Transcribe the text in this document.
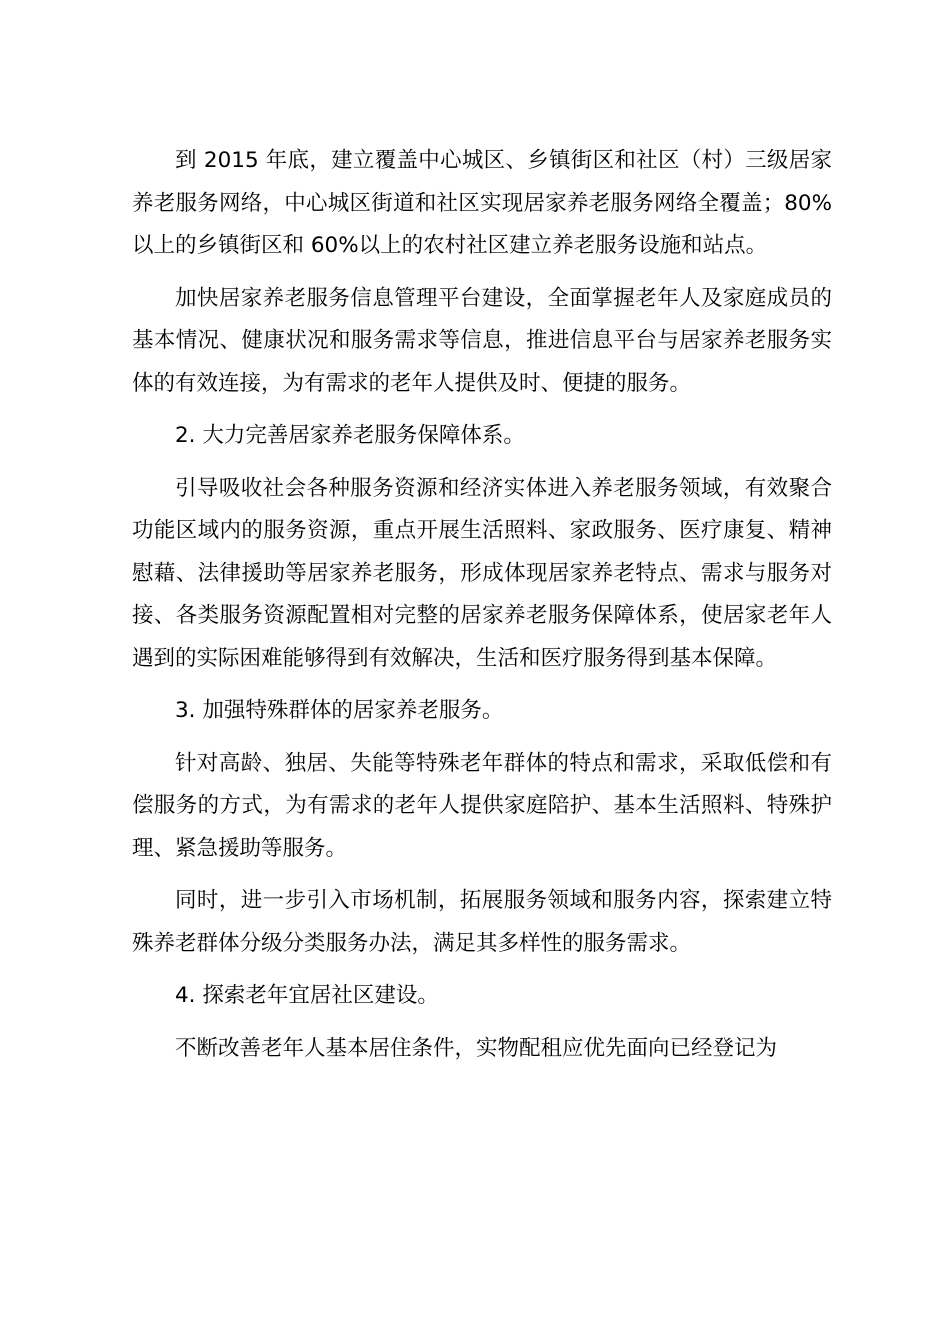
到 2015 年底，建立覆盖中心城区、乡镇街区和社区（村）三级居家养老服务网络，中心城区街道和社区实现居家养老服务网络全覆盖；80%以上的乡镇街区和 60%以上的农村社区建立养老服务设施和站点。

加快居家养老服务信息管理平台建设，全面掌握老年人及家庭成员的基本情况、健康状况和服务需求等信息，推进信息平台与居家养老服务实体的有效连接，为有需求的老年人提供及时、便捷的服务。

2. 大力完善居家养老服务保障体系。

引导吸收社会各种服务资源和经济实体进入养老服务领域，有效聚合功能区域内的服务资源，重点开展生活照料、家政服务、医疗康复、精神慰藉、法律援助等居家养老服务，形成体现居家养老特点、需求与服务对接、各类服务资源配置相对完整的居家养老服务保障体系，使居家老年人遇到的实际困难能够得到有效解决，生活和医疗服务得到基本保障。

3. 加强特殊群体的居家养老服务。

针对高龄、独居、失能等特殊老年群体的特点和需求，采取低偿和有偿服务的方式，为有需求的老年人提供家庭陪护、基本生活照料、特殊护理、紧急援助等服务。

同时，进一步引入市场机制，拓展服务领域和服务内容，探索建立特殊养老群体分级分类服务办法，满足其多样性的服务需求。

4. 探索老年宜居社区建设。

不断改善老年人基本居住条件，实物配租应优先面向已经登记为
